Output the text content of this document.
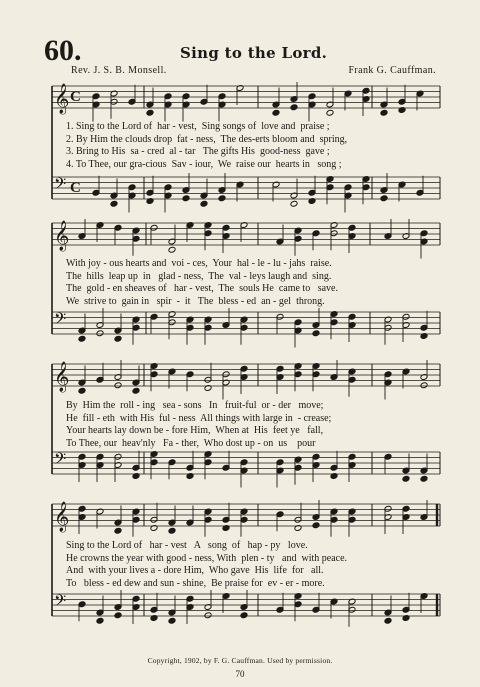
60.	Sing to the Lord.
Rev. J. S. B. Monsell.	Frank G. Cauffman.
𝄞 C
𝄢 C
𝄞
𝄢
𝄞
𝄢
𝄞
𝄢
1. Sing to the Lord of  har - vest,  Sing songs of  love and  praise ;
2. By Him the clouds drop  fat - ness,  The des-erts bloom and  spring,
3. Bring to His  sa - cred  al - tar   The gifts His  good-ness  gave ;
4. To Thee, our gra-cious  Sav - iour,  We  raise our  hearts in   song ;
With joy - ous hearts and  voi - ces,  Your  hal - le - lu - jahs  raise.
The  hills  leap up  in   glad - ness,  The  val - leys laugh and  sing.
The  gold - en sheaves of   har - vest,  The  souls He  came to   save.
We  strive to  gain in   spir  -  it   The  bless - ed  an - gel  throng.
By  Him the  roll - ing   sea - sons   In   fruit-ful  or - der   move;
He  fill - eth  with His  ful - ness  All things with large in  - crease;
Your hearts lay down be - fore Him,  When at  His  feet ye   fall,
To Thee, our  heav'nly   Fa - ther,  Who dost up - on  us    pour
Sing to the Lord of   har - vest   A   song  of   hap - py   love.
He crowns the year with good - ness, With  plen - ty   and  with peace.
And  with your lives a - dore Him,  Who gave  His  life  for   all.
To   bless - ed dew and sun - shine,  Be praise for  ev - er - more.
Copyright, 1902, by F. G. Cauffman. Used by permission.
70
